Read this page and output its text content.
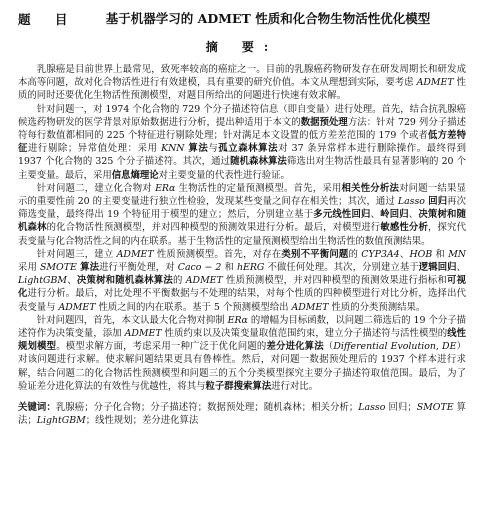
题 目	基于机器学习的 ADMET 性质和化合物生物活性优化模型
摘 要:

乳腺癌是目前世界上最常见，致死率较高的癌症之一。目前的乳腺癌药物研发存在研发周期长和研发成本高等问题，故对化合物活性进行有效建模，具有重要的研究价值。本文从理想到实际，要考虑 ADMET 性质的同时还要优化生物活性预测模型，对题目所给出的问题进行快速有效求解。

针对问题一，对 1974 个化合物的 729 个分子描述符信息（即自变量）进行处理。首先，结合抗乳腺癌候选药物研发的医学背景对原始数据进行分析，提出种适用于本文的数据预处理方法：针对 729 列分子描述符每行数值都相同的 225 个特征进行剔除处理；针对满足本文设置的低方差差范围的 179 个或者低方差特征进行剔除；异常值处理：采用 KNN 算法与孤立森林算法对 37 条异常样本进行删除操作。最终得到 1937 个化合物的 325 个分子描述符。其次，通过随机森林算法筛选出对生物活性最具有显著影响的 20 个主要变量。最后，采用信息熵理论对主要变量的代表性进行验证。

针对问题二，建立化合物对 ERα 生物活性的定量预测模型。首先，采用相关性分析法对问题一结果显示的重要性前 20 的主要变量进行独立性检验，发现某些变量之间存在相关性；其次，通过 Lasso 回归再次筛选变量，最终得出 19 个特征用于模型的建立；然后，分别建立基于多元线性回归、岭回归、决策树和随机森林的化合物活性预测模型，并对四种模型的预测效果进行分析。最后，对模型进行敏感性分析，探究代表变量与化合物活性之间的内在联系。基于生物活性的定量预测模型给出生物活性的数值预测结果。

针对问题三，建立 ADMET 性质预测模型。首先，对存在类别不平衡问题的 CYP3A4、HOB 和 MN 采用 SMOTE 算法进行平衡处理，对 Caco − 2 和 hERG 不做任何处理。其次，分别建立基于逻辑回归、LightGBM、决策树和随机森林算法的 ADMET 性质预测模型，并对四种模型的预测效果进行指标和可视化进行分析。最后，对比处理不平衡数据与不处理的结果，对每个性质的四种模型进行对比分析，选择出代表变量与 ADMET 性质之间的内在联系。基于 5 个预测模型给出 ADMET 性质的分类预测结果。

针对问题四，首先，本文认最大化合物对抑制 ERα 的增幅为目标函数，以问题二筛选后的 19 个分子描述符作为决策变量，添加 ADMET 性质约束以及决策变量取值范围约束，建立分子描述符与活性模型的线性规划模型。模型求解方面，考虑采用一种广泛于优化问题的差分进化算法（Differential Evolution, DE）对该问题进行求解。使求解问题结果更具有鲁棒性。然后，对问题一数据预处理后的 1937 个样本进行求解，结合问题二的化合物活性预测模型和问题三的五个分类模型探究主要分子描述符取值范围。最后，为了验证差分进化算法的有效性与优越性，将其与粒子群搜索算法进行对比。

关键词：乳腺癌；分子化合物；分子描述符；数据预处理；随机森林；相关分析；Lasso 回归；SMOTE 算法；LightGBM；线性规划；差分进化算法
